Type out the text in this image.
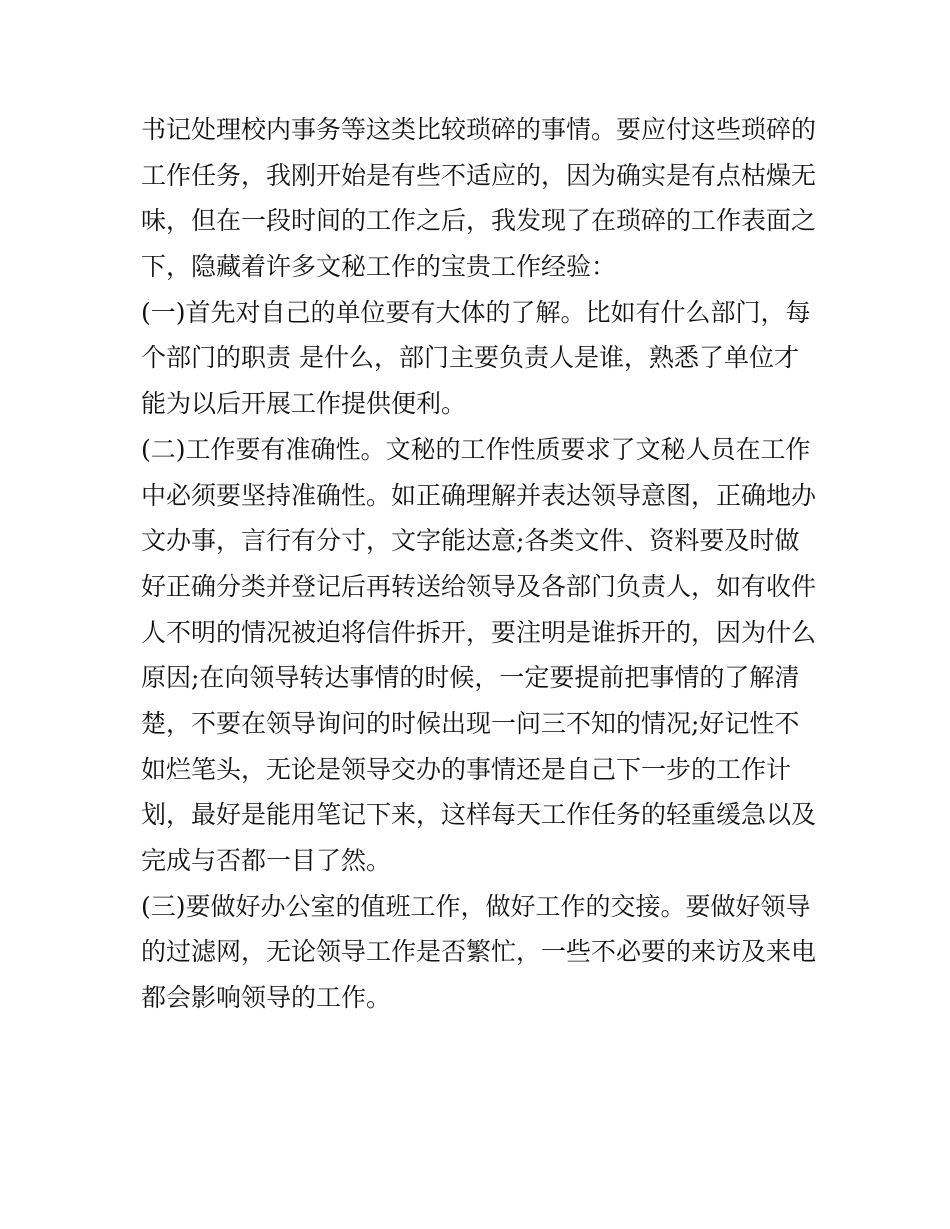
书记处理校内事务等这类比较琐碎的事情。要应付这些琐碎的
工作任务，我刚开始是有些不适应的，因为确实是有点枯燥无
味，但在一段时间的工作之后，我发现了在琐碎的工作表面之
下，隐藏着许多文秘工作的宝贵工作经验：
(一)首先对自己的单位要有大体的了解。比如有什么部门，每
个部门的职责 是什么，部门主要负责人是谁，熟悉了单位才
能为以后开展工作提供便利。
(二)工作要有准确性。文秘的工作性质要求了文秘人员在工作
中必须要坚持准确性。如正确理解并表达领导意图，正确地办
文办事，言行有分寸，文字能达意;各类文件、资料要及时做
好正确分类并登记后再转送给领导及各部门负责人，如有收件
人不明的情况被迫将信件拆开，要注明是谁拆开的，因为什么
原因;在向领导转达事情的时候，一定要提前把事情的了解清
楚，不要在领导询问的时候出现一问三不知的情况;好记性不
如烂笔头，无论是领导交办的事情还是自己下一步的工作计
划，最好是能用笔记下来，这样每天工作任务的轻重缓急以及
完成与否都一目了然。
(三)要做好办公室的值班工作，做好工作的交接。要做好领导
的过滤网，无论领导工作是否繁忙，一些不必要的来访及来电
都会影响领导的工作。
